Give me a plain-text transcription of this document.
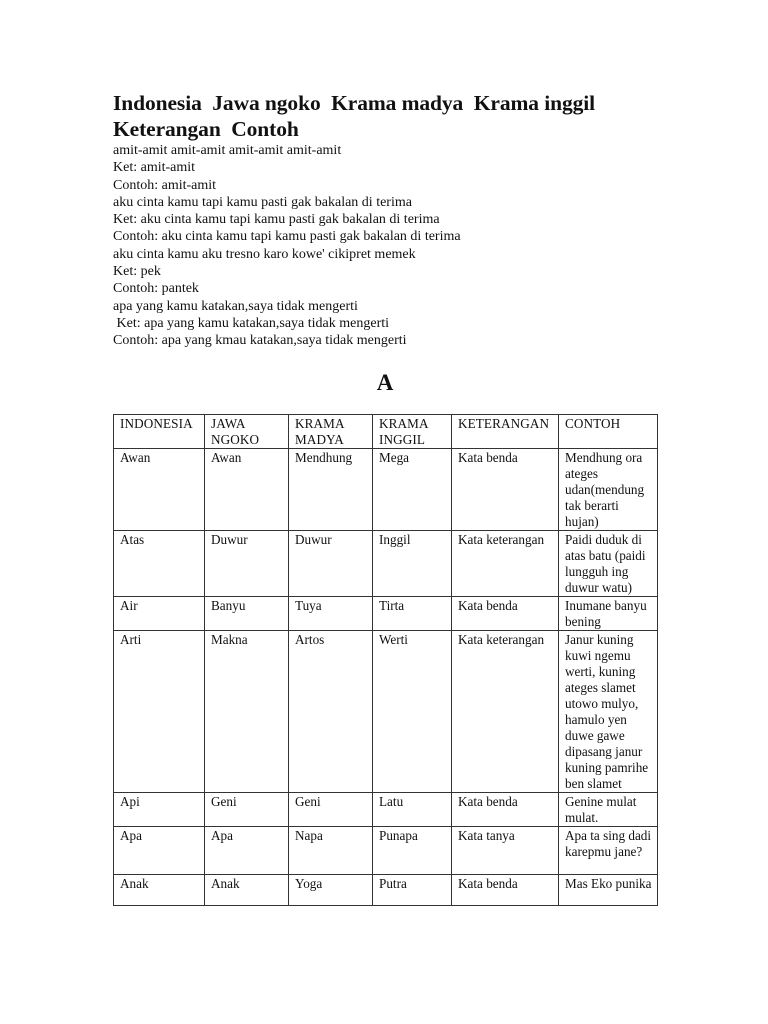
Indonesia  Jawa ngoko  Krama madya  Krama inggil
Keterangan  Contoh
amit-amit amit-amit amit-amit amit-amit
Ket: amit-amit
Contoh: amit-amit
aku cinta kamu tapi kamu pasti gak bakalan di terima
Ket: aku cinta kamu tapi kamu pasti gak bakalan di terima
Contoh: aku cinta kamu tapi kamu pasti gak bakalan di terima
aku cinta kamu aku tresno karo kowe' cikipret memek
Ket: pek
Contoh: pantek
apa yang kamu katakan,saya tidak mengerti
Ket: apa yang kamu katakan,saya tidak mengerti
Contoh: apa yang kmau katakan,saya tidak mengerti
A
INDONESIA	JAWA NGOKO	KRAMA MADYA	KRAMA INGGIL	KETERANGAN	CONTOH
Awan	Awan	Mendhung	Mega	Kata benda	Mendhung ora ateges udan(mendung tak berarti hujan)
Atas	Duwur	Duwur	Inggil	Kata keterangan	Paidi duduk di atas batu (paidi lungguh ing duwur watu)
Air	Banyu	Tuya	Tirta	Kata benda	Inumane banyu bening
Arti	Makna	Artos	Werti	Kata keterangan	Janur kuning kuwi ngemu werti, kuning ateges slamet utowo mulyo, hamulo yen duwe gawe dipasang janur kuning pamrihe ben slamet
Api	Geni	Geni	Latu	Kata benda	Genine mulat mulat.
Apa	Apa	Napa	Punapa	Kata tanya	Apa ta sing dadi karepmu jane?
Anak	Anak	Yoga	Putra	Kata benda	Mas Eko punika
